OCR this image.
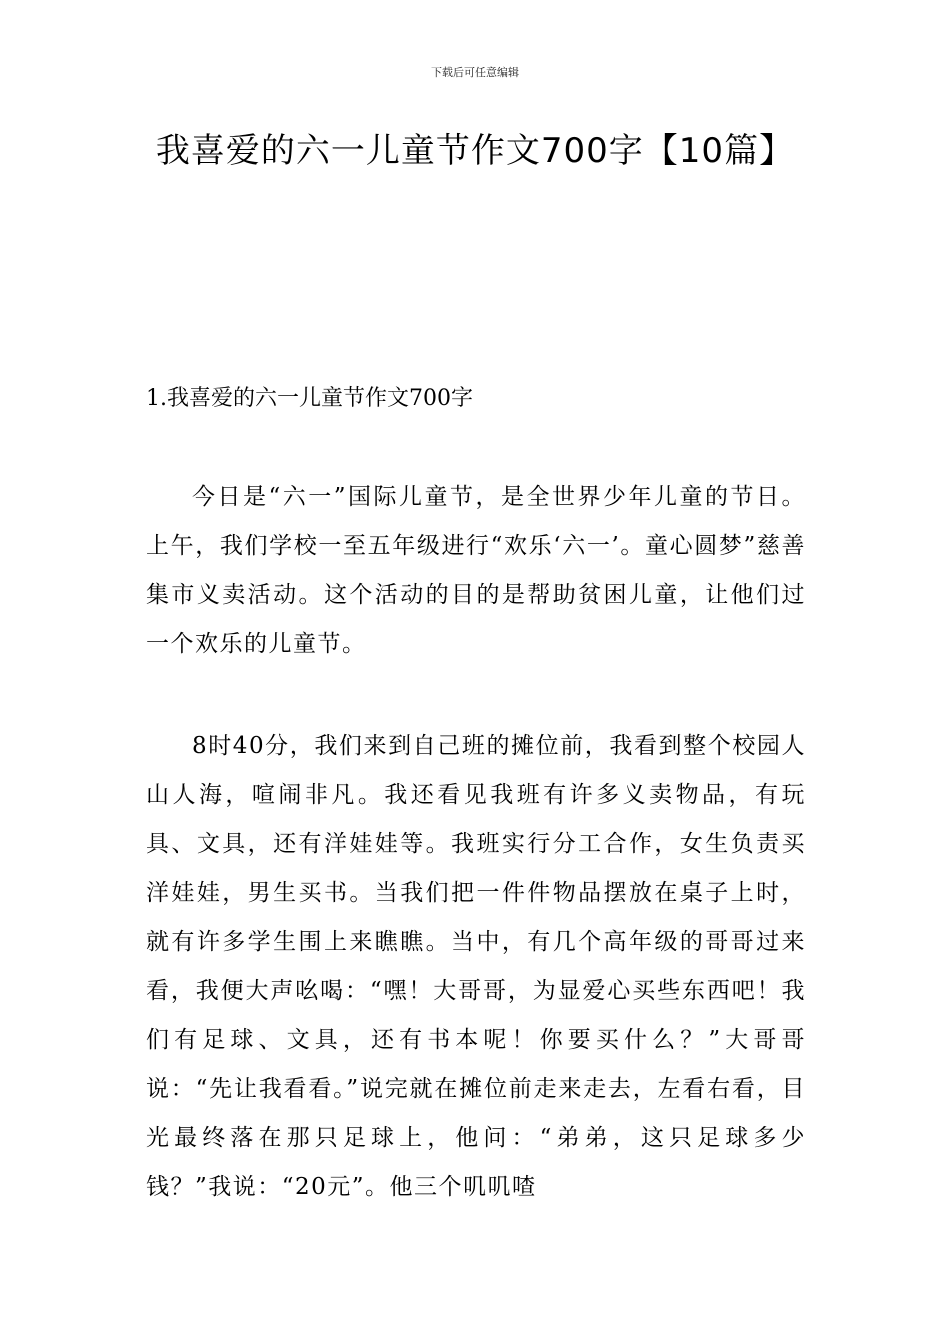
下载后可任意编辑
我喜爱的六一儿童节作文700字【10篇】
1.我喜爱的六一儿童节作文700字

今日是“六一”国际儿童节，是全世界少年儿童的节日。上午，我们学校一至五年级进行“欢乐‘六一’。童心圆梦”慈善集市义卖活动。这个活动的目的是帮助贫困儿童，让他们过一个欢乐的儿童节。

8时40分，我们来到自己班的摊位前，我看到整个校园人山人海，喧闹非凡。我还看见我班有许多义卖物品，有玩具、文具，还有洋娃娃等。我班实行分工合作，女生负责买洋娃娃，男生买书。当我们把一件件物品摆放在桌子上时，就有许多学生围上来瞧瞧。当中，有几个高年级的哥哥过来看，我便大声吆喝：“嘿！大哥哥，为显爱心买些东西吧！我们有足球、文具，还有书本呢！你要买什么？”大哥哥说：“先让我看看。”说完就在摊位前走来走去，左看右看，目光最终落在那只足球上，他问：“弟弟，这只足球多少钱？”我说：“20元”。他三个叽叽喳
